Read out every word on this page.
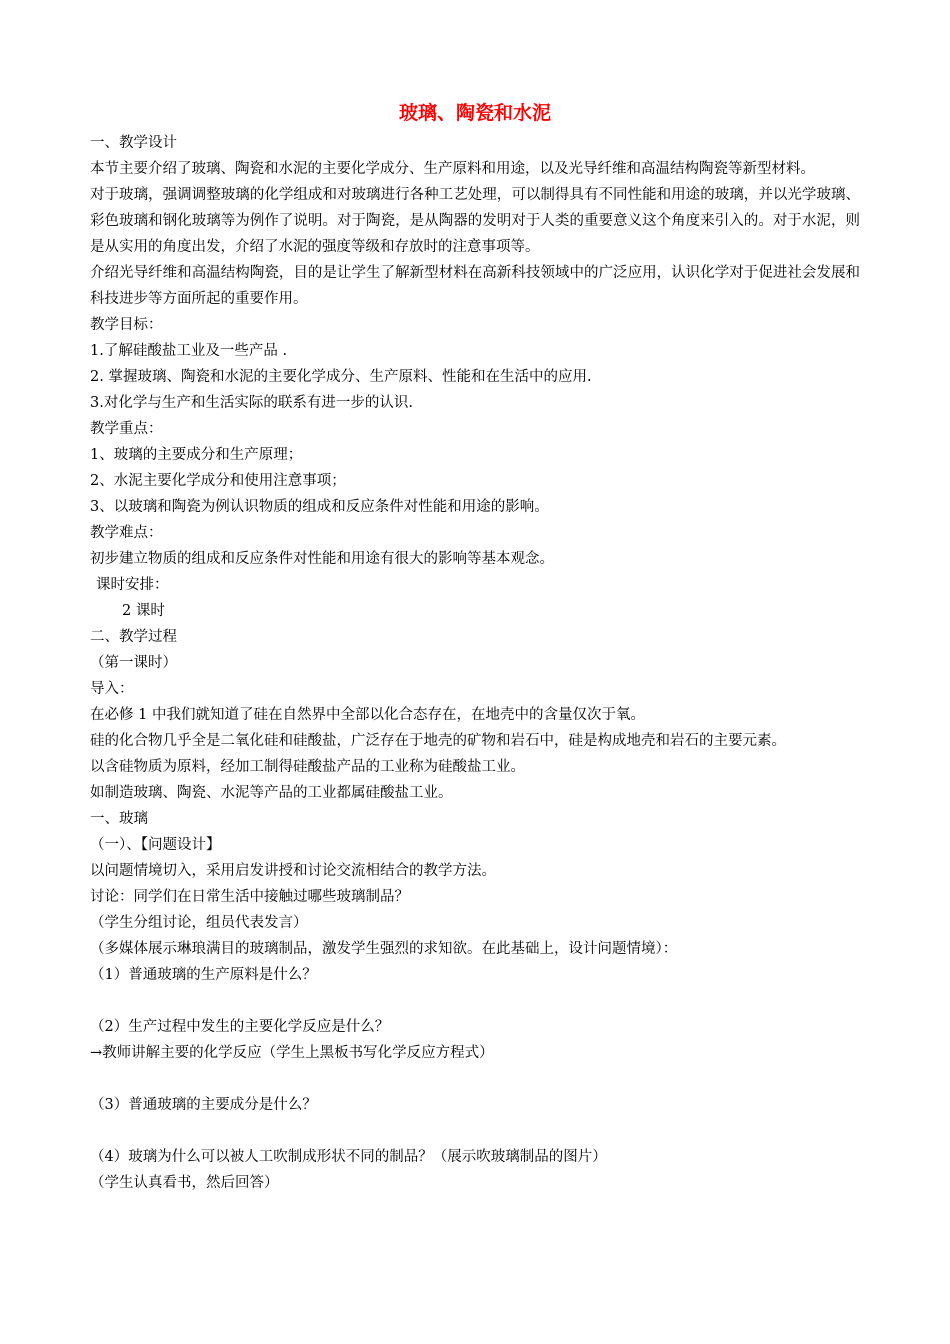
玻璃、陶瓷和水泥

一、教学设计

本节主要介绍了玻璃、陶瓷和水泥的主要化学成分、生产原料和用途，以及光导纤维和高温结构陶瓷等新型材料。

对于玻璃，强调调整玻璃的化学组成和对玻璃进行各种工艺处理，可以制得具有不同性能和用途的玻璃，并以光学玻璃、彩色玻璃和钢化玻璃等为例作了说明。对于陶瓷，是从陶器的发明对于人类的重要意义这个角度来引入的。对于水泥，则是从实用的角度出发，介绍了水泥的强度等级和存放时的注意事项等。

介绍光导纤维和高温结构陶瓷，目的是让学生了解新型材料在高新科技领域中的广泛应用，认识化学对于促进社会发展和科技进步等方面所起的重要作用。

教学目标：

1.了解硅酸盐工业及一些产品 .

2. 掌握玻璃、陶瓷和水泥的主要化学成分、生产原料、性能和在生活中的应用.

3.对化学与生产和生活实际的联系有进一步的认识.

教学重点：

1、玻璃的主要成分和生产原理；

2、水泥主要化学成分和使用注意事项；

3、以玻璃和陶瓷为例认识物质的组成和反应条件对性能和用途的影响。

教学难点：

初步建立物质的组成和反应条件对性能和用途有很大的影响等基本观念。

课时安排：

2 课时

二、教学过程

（第一课时）

导入：

在必修 1 中我们就知道了硅在自然界中全部以化合态存在，在地壳中的含量仅次于氧。

硅的化合物几乎全是二氧化硅和硅酸盐，广泛存在于地壳的矿物和岩石中，硅是构成地壳和岩石的主要元素。

以含硅物质为原料，经加工制得硅酸盐产品的工业称为硅酸盐工业。

如制造玻璃、陶瓷、水泥等产品的工业都属硅酸盐工业。

一、玻璃

（一）、【问题设计】

以问题情境切入，采用启发讲授和讨论交流相结合的教学方法。

讨论：同学们在日常生活中接触过哪些玻璃制品？

（学生分组讨论，组员代表发言）

（多媒体展示琳琅满目的玻璃制品，激发学生强烈的求知欲。在此基础上，设计问题情境）：

（1）普通玻璃的生产原料是什么？

（2）生产过程中发生的主要化学反应是什么？

→教师讲解主要的化学反应（学生上黑板书写化学反应方程式）

（3）普通玻璃的主要成分是什么？

（4）玻璃为什么可以被人工吹制成形状不同的制品？（展示吹玻璃制品的图片）

（学生认真看书，然后回答）
